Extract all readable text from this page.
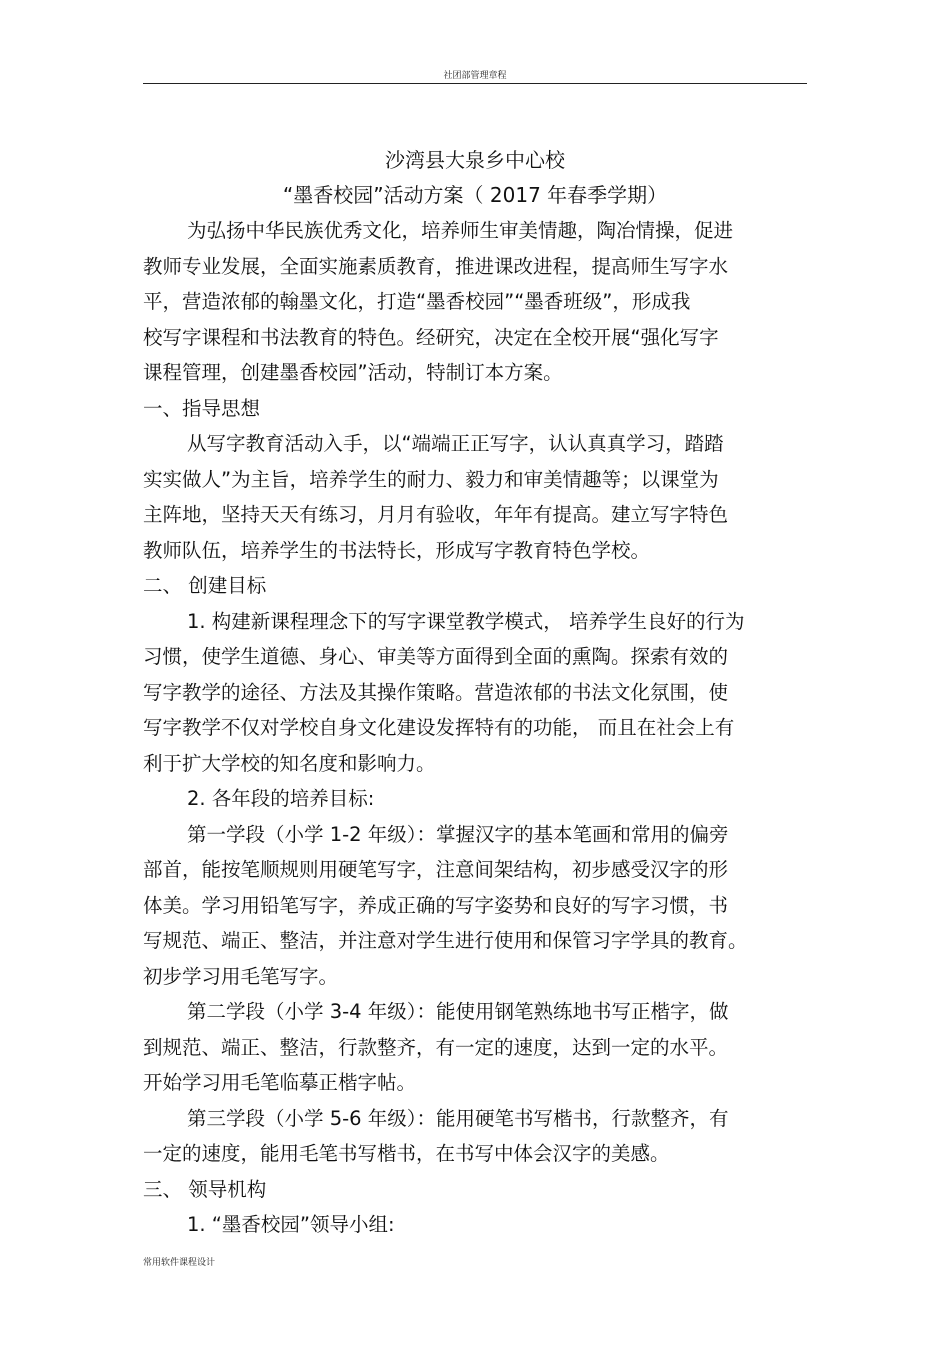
社团部管理章程
沙湾县大泉乡中心校
“墨香校园”活动方案（ 2017 年春季学期）
为弘扬中华民族优秀文化，培养师生审美情趣，陶冶情操，促进
教师专业发展，全面实施素质教育，推进课改进程，提高师生写字水
平，营造浓郁的翰墨文化，打造“墨香校园”“墨香班级”，形成我
校写字课程和书法教育的特色。经研究，决定在全校开展“强化写字
课程管理，创建墨香校园”活动，特制订本方案。
一、指导思想
从写字教育活动入手，以“端端正正写字，认认真真学习，踏踏
实实做人”为主旨，培养学生的耐力、毅力和审美情趣等；以课堂为
主阵地，坚持天天有练习，月月有验收，年年有提高。建立写字特色
教师队伍，培养学生的书法特长，形成写字教育特色学校。
二、 创建目标
1. 构建新课程理念下的写字课堂教学模式， 培养学生良好的行为
习惯，使学生道德、身心、审美等方面得到全面的熏陶。探索有效的
写字教学的途径、方法及其操作策略。营造浓郁的书法文化氛围，使
写字教学不仅对学校自身文化建设发挥特有的功能， 而且在社会上有
利于扩大学校的知名度和影响力。
2. 各年段的培养目标:
第一学段（小学 1-2 年级）：掌握汉字的基本笔画和常用的偏旁
部首，能按笔顺规则用硬笔写字，注意间架结构，初步感受汉字的形
体美。学习用铅笔写字，养成正确的写字姿势和良好的写字习惯，书
写规范、端正、整洁，并注意对学生进行使用和保管习字学具的教育。
初步学习用毛笔写字。
第二学段（小学 3-4 年级）：能使用钢笔熟练地书写正楷字，做
到规范、端正、整洁，行款整齐，有一定的速度，达到一定的水平。
开始学习用毛笔临摹正楷字帖。
第三学段（小学 5-6 年级）：能用硬笔书写楷书，行款整齐，有
一定的速度，能用毛笔书写楷书，在书写中体会汉字的美感。
三、 领导机构
1. “墨香校园”领导小组:
常用软件课程设计
